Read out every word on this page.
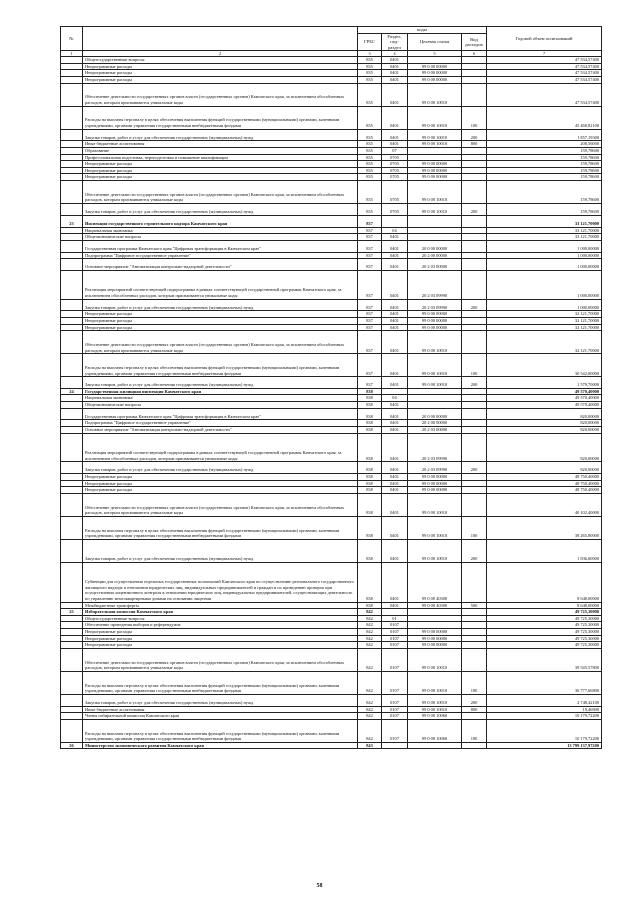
№		коды				Годовой объем ассигнований
		ГРБС	Раздел, под-раздел	Целевая статья	Вид расходов	
1	2	3	4	5	6	7
	Общегосударственные вопросы	835	0401			47 534,57400
	Непрограммные расходы	835	0401	99 0 00 00000		47 534,57400
	Непрограммные расходы	835	0401	99 0 00 00000		47 534,57400
	Непрограммные расходы	835	0401	99 0 00 00000		47 534,57400
	Обеспечение деятельности государственных органов власти (государственных органов) Камчатского края, за исключением обособленных расходов, которым присваиваются уникальные коды	835	0401	99 0 00 10010		47 534,57400
	Расходы на выплаты персоналу в целях обеспечения выполнения функций государственными (муниципальными) органами, казенными учреждениями, органами управления государственными внебюджетными фондами	835	0401	99 0 00 10010	100	45 468,82100
	Закупка товаров, работ и услуг для обеспечения государственных (муниципальных) нужд	835	0401	99 0 00 10010	200	1 857,19300
	Иные бюджетные ассигнования	835	0401	99 0 00 10010	800	208,56000
	Образование	835	07			159,78600
	Профессиональная подготовка, переподготовка и повышение квалификации	835	0705			159,78600
	Непрограммные расходы	835	0705	99 0 00 00000		159,78600
	Непрограммные расходы	835	0705	99 0 00 00000		159,78600
	Непрограммные расходы	835	0705	99 0 00 00000		159,78600
	Обеспечение деятельности государственных органов власти (государственных органов) Камчатского края, за исключением обособленных расходов, которым присваиваются уникальные коды	835	0705	99 0 00 10010		159,78600
	Закупка товаров, работ и услуг для обеспечения государственных (муниципальных) нужд	835	0705	99 0 00 10010	200	159,78600
23	Инспекция государственного строительного надзора Камчатского края	837				33 121,70000
	Национальная экономика	837	04			33 121,70000
	Общеэкономические вопросы	837	0401			33 121,70000
	Государственная программа Камчатского края "Цифровая трансформация в Камчатском крае"	837	0401	20 0 00 00000		1 000,00000
	Подпрограмма "Цифровое государственное управление"	837	0401	20 2 00 00000		1 000,00000
	Основное мероприятие "Автоматизация контрольно-надзорной деятельности"	837	0401	20 2 03 00000		1 000,00000
	Реализация мероприятий соответствующей подпрограммы в рамках соответствующей государственной программы Камчатского края, за исключением обособленных расходов, которым присваиваются уникальные коды	837	0401	20 2 03 09990		1 000,00000
	Закупка товаров, работ и услуг для обеспечения государственных (муниципальных) нужд	837	0401	20 2 03 09990	200	1 000,00000
	Непрограммные расходы	837	0401	99 0 00 00000		32 121,70000
	Непрограммные расходы	837	0401	99 0 00 00000		32 121,70000
	Непрограммные расходы	837	0401	99 0 00 00000		32 121,70000
	Обеспечение деятельности государственных органов власти (государственных органов) Камчатского края, за исключением обособленных расходов, которым присваиваются уникальные коды	837	0401	99 0 00 10010		32 121,70000
	Расходы на выплаты персоналу в целях обеспечения выполнения функций государственными (муниципальными) органами, казенными учреждениями, органами управления государственными внебюджетными фондами	837	0401	99 0 00 10010	100	30 542,00000
	Закупка товаров, работ и услуг для обеспечения государственных (муниципальных) нужд	837	0401	99 0 00 10010	200	1 579,70000
24	Государственная жилищная инспекция Камчатского края	838				49 570,40000
	Национальная экономика	838	04			49 570,40000
	Общеэкономические вопросы	838	0401			49 570,40000
	Государственная программа Камчатского края "Цифровая трансформация в Камчатском крае"	838	0401	20 0 00 00000		820,00000
	Подпрограмма "Цифровое государственное управление"	838	0401	20 2 00 00000		820,00000
	Основное мероприятие "Автоматизация контрольно-надзорной деятельности"	838	0401	20 2 03 00000		820,00000
	Реализация мероприятий соответствующей подпрограммы в рамках соответствующей государственной программы Камчатского края, за исключением обособленных расходов, которым присваиваются уникальные коды	838	0401	20 2 03 09990		820,00000
	Закупка товаров, работ и услуг для обеспечения государственных (муниципальных) нужд	838	0401	20 2 03 09990	200	820,00000
	Непрограммные расходы	838	0401	99 0 00 00000		48 750,40000
	Непрограммные расходы	838	0401	99 0 00 00000		48 750,40000
	Непрограммные расходы	838	0401	99 0 00 00000		48 750,40000
	Обеспечение деятельности государственных органов власти (государственных органов) Камчатского края, за исключением обособленных расходов, которым присваиваются уникальные коды	838	0401	99 0 00 10010		40 102,40000
	Расходы на выплаты персоналу в целях обеспечения выполнения функций государственными (муниципальными) органами, казенными учреждениями, органами управления государственными внебюджетными фондами	838	0401	99 0 00 10010	100	38 265,80000
	Закупка товаров, работ и услуг для обеспечения государственных (муниципальных) нужд	838	0401	99 0 00 10010	200	1 836,60000
	Субвенции для осуществления отдельных государственных полномочий Камчатского края по осуществлению регионального государственного жилищного надзора и отношении юридических лиц, индивидуальных предпринимателей и граждан и по проведению проверок при осуществлении лицензионного контроля в отношении юридических лиц, индивидуальных предпринимателей, осуществляющих деятельность по управлению многоквартирными домами на основании лицензии	838	0401	99 0 00 40300		8 648,00000
	Межбюджетные трансферты	838	0401	99 0 00 40300	500	8 648,00000
25	Избирательная комиссия Камчатского края	842				49 725,30000
	Общегосударственные вопросы	842	01			49 725,30000
	Обеспечение проведения выборов и референдумов	842	0107			49 725,30000
	Непрограммные расходы	842	0107	99 0 00 00000		49 725,30000
	Непрограммные расходы	842	0107	99 0 00 00000		49 725,30000
	Непрограммные расходы	842	0107	99 0 00 00000		49 725,30000
	Обеспечение деятельности государственных органов власти (государственных органов) Камчатского края, за исключением обособленных расходов, которым присваиваются уникальные коды	842	0107	99 0 00 10010		39 545,57800
	Расходы на выплаты персоналу в целях обеспечения выполнения функций государственными (муниципальными) органами, казенными учреждениями, органами управления государственными внебюджетными фондами	842	0107	99 0 00 10010	100	36 777,66800
	Закупка товаров, работ и услуг для обеспечения государственных (муниципальных) нужд	842	0107	99 0 00 10010	200	2 748,42100
	Иные бюджетные ассигнования	842	0107	99 0 00 10010	800	19,46900
	Члены избирательной комиссии Камчатского края	842	0107	99 0 00 10060		10 179,72200
	Расходы на выплаты персоналу в целях обеспечения выполнения функций государственными (муниципальными) органами, казенными учреждениями, органами управления государственными внебюджетными фондами	842	0107	99 0 00 10060	100	10 179,72200
26	Министерство экономического развития Камчатского края	843				13 799 137,97200
58
